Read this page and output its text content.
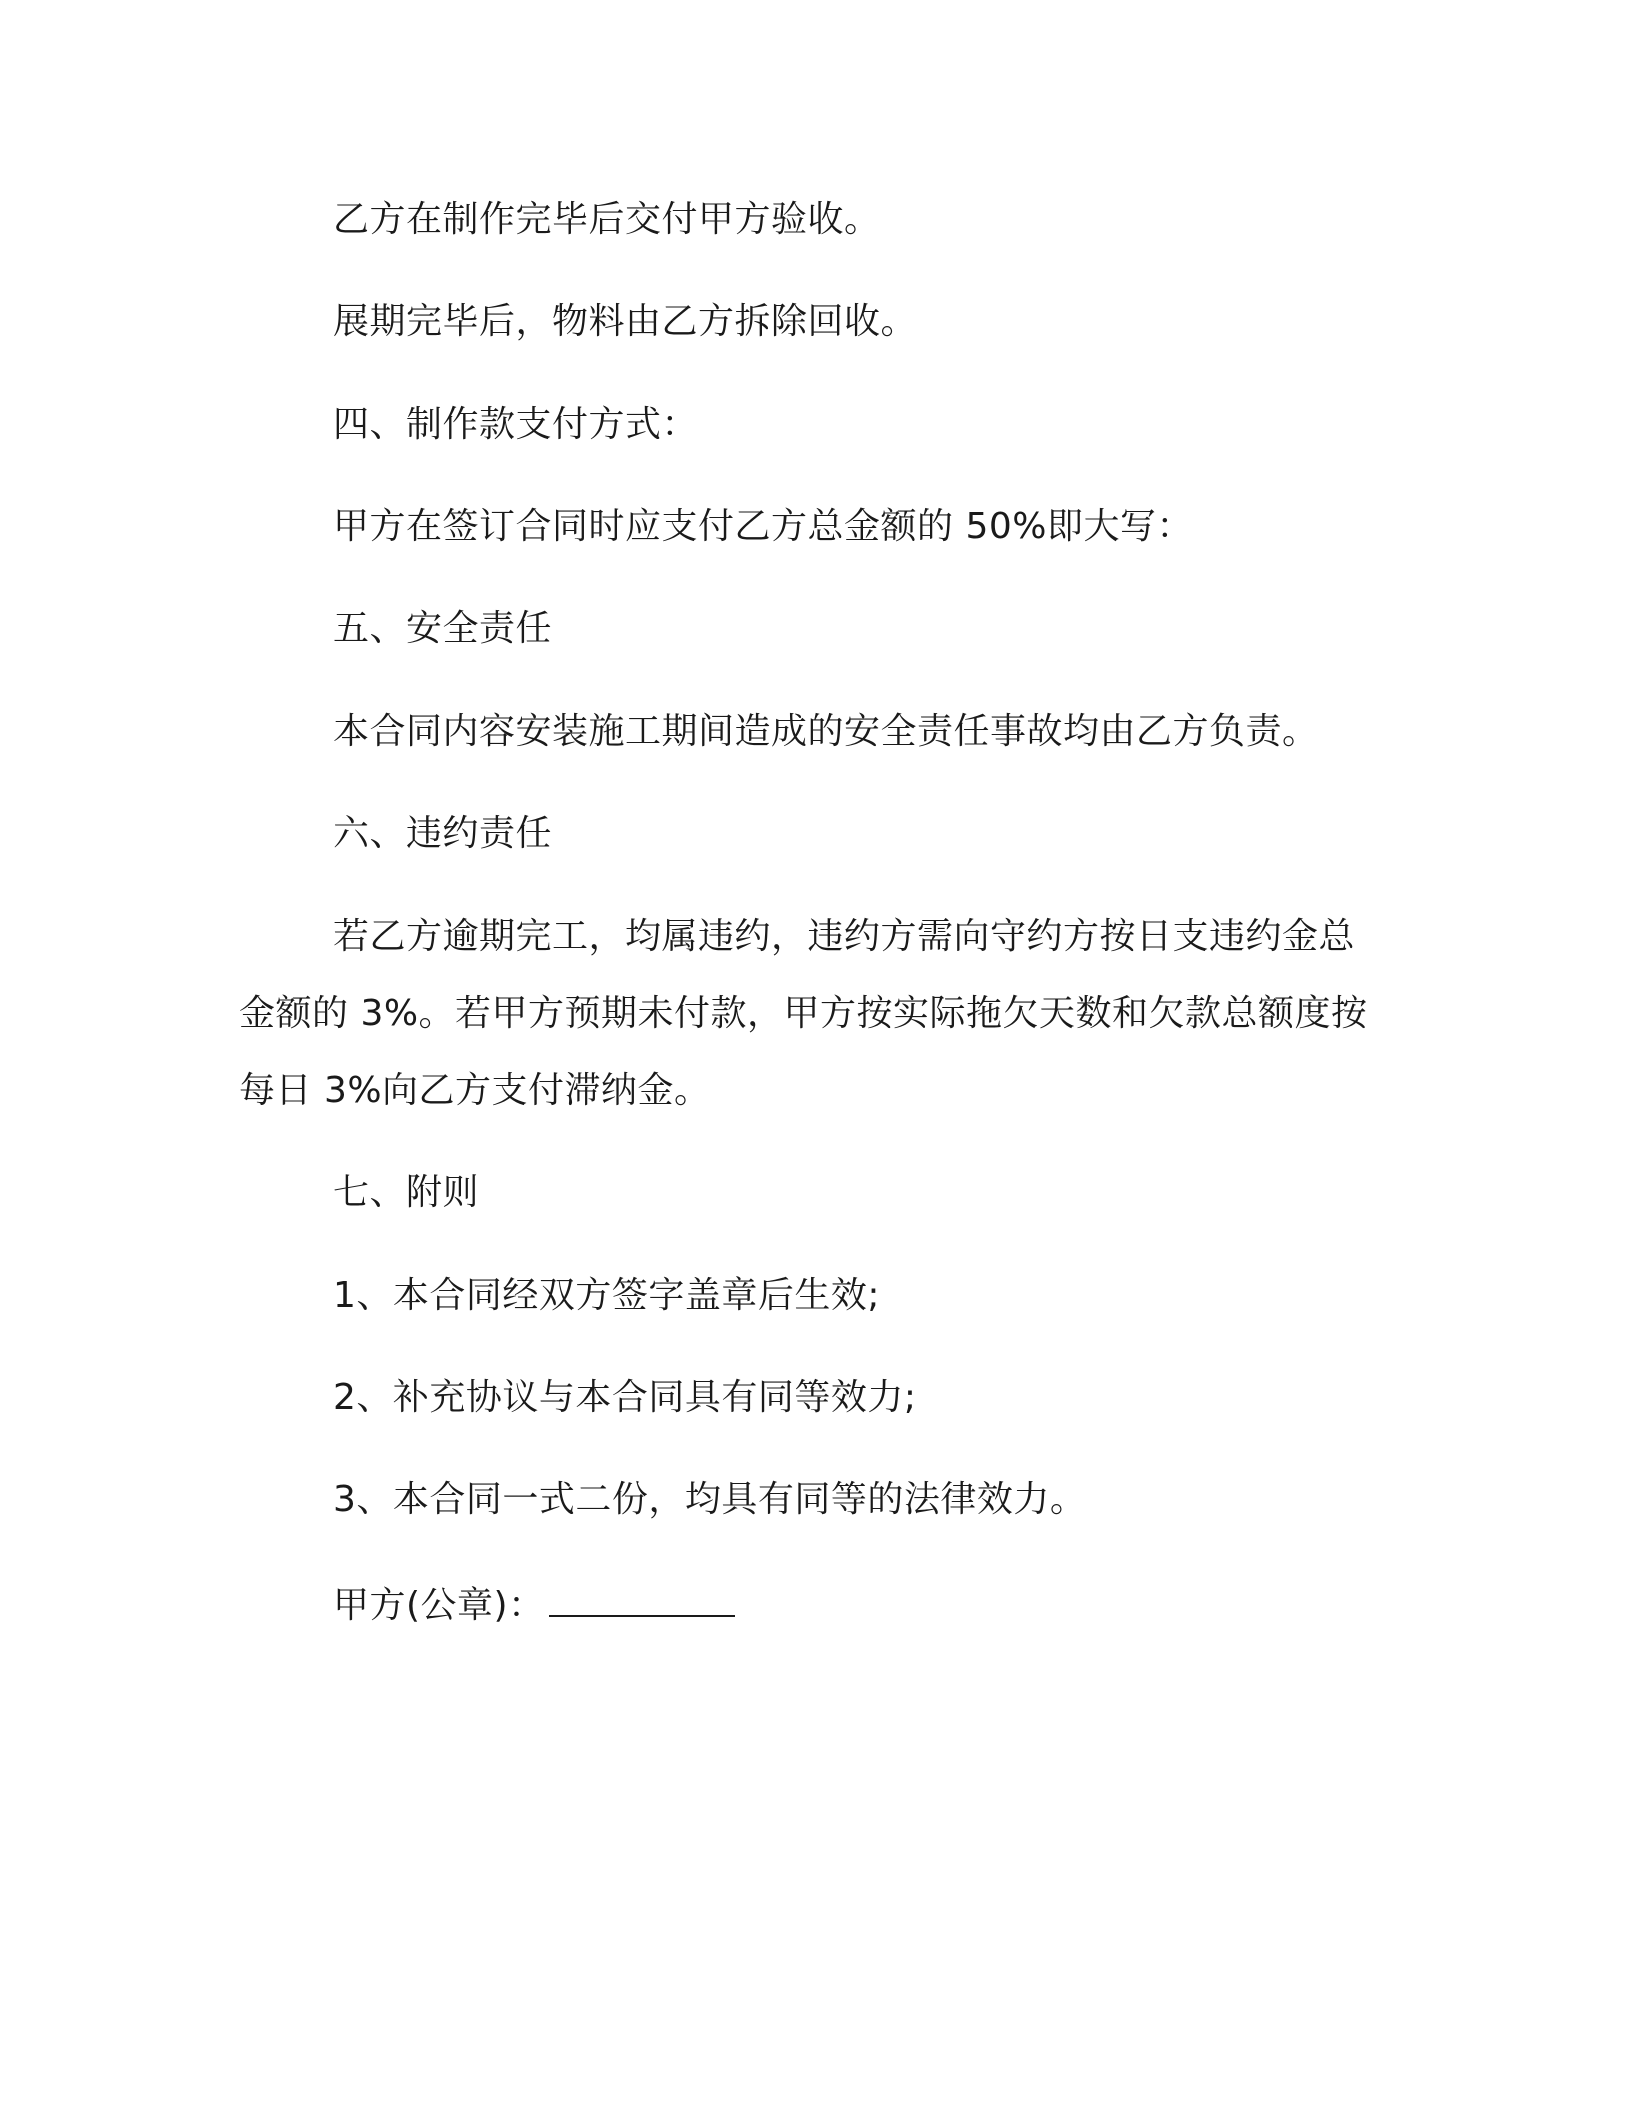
乙方在制作完毕后交付甲方验收。
展期完毕后，物料由乙方拆除回收。
四、制作款支付方式：
甲方在签订合同时应支付乙方总金额的 50%即大写：
五、安全责任
本合同内容安装施工期间造成的安全责任事故均由乙方负责。
六、违约责任
若乙方逾期完工，均属违约，违约方需向守约方按日支违约金总
金额的 3%。若甲方预期未付款，甲方按实际拖欠天数和欠款总额度按
每日 3%向乙方支付滞纳金。
七、附则
1、本合同经双方签字盖章后生效;
2、补充协议与本合同具有同等效力;
3、本合同一式二份，均具有同等的法律效力。
甲方(公章)：
